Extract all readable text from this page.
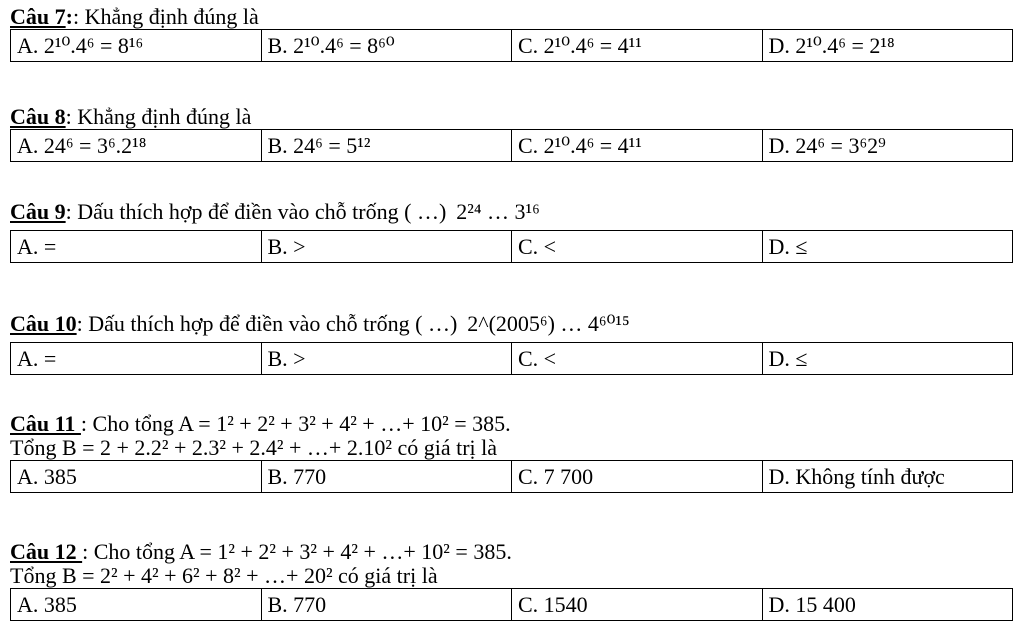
Câu 7:: Khẳng định đúng là
A. 2¹⁰.4⁶ = 8¹⁶	B. 2¹⁰.4⁶ = 8⁶⁰	C. 2¹⁰.4⁶ = 4¹¹	D. 2¹⁰.4⁶ = 2¹⁸
Câu 8: Khẳng định đúng là
A. 24⁶ = 3⁶.2¹⁸	B. 24⁶ = 5¹²	C. 2¹⁰.4⁶ = 4¹¹	D. 24⁶ = 3⁶2⁹
Câu 9: Dấu thích hợp để điền vào chỗ trống ( …) 2²⁴ … 3¹⁶
A. =	B. >	C. <	D. ≤
Câu 10: Dấu thích hợp để điền vào chỗ trống ( …) 2^(2005⁶) … 4⁶⁰¹⁵
A. =	B. >	C. <	D. ≤
Câu 11 : Cho tổng A = 1² + 2² + 3² + 4² + …+ 10² = 385.
Tổng B = 2 + 2.2² + 2.3² + 2.4² + …+ 2.10² có giá trị là
A. 385	B. 770	C. 7 700	D. Không tính được
Câu 12 : Cho tổng A = 1² + 2² + 3² + 4² + …+ 10² = 385.
Tổng B = 2² + 4² + 6² + 8² + …+ 20² có giá trị là
A. 385	B. 770	C. 1540	D. 15 400
